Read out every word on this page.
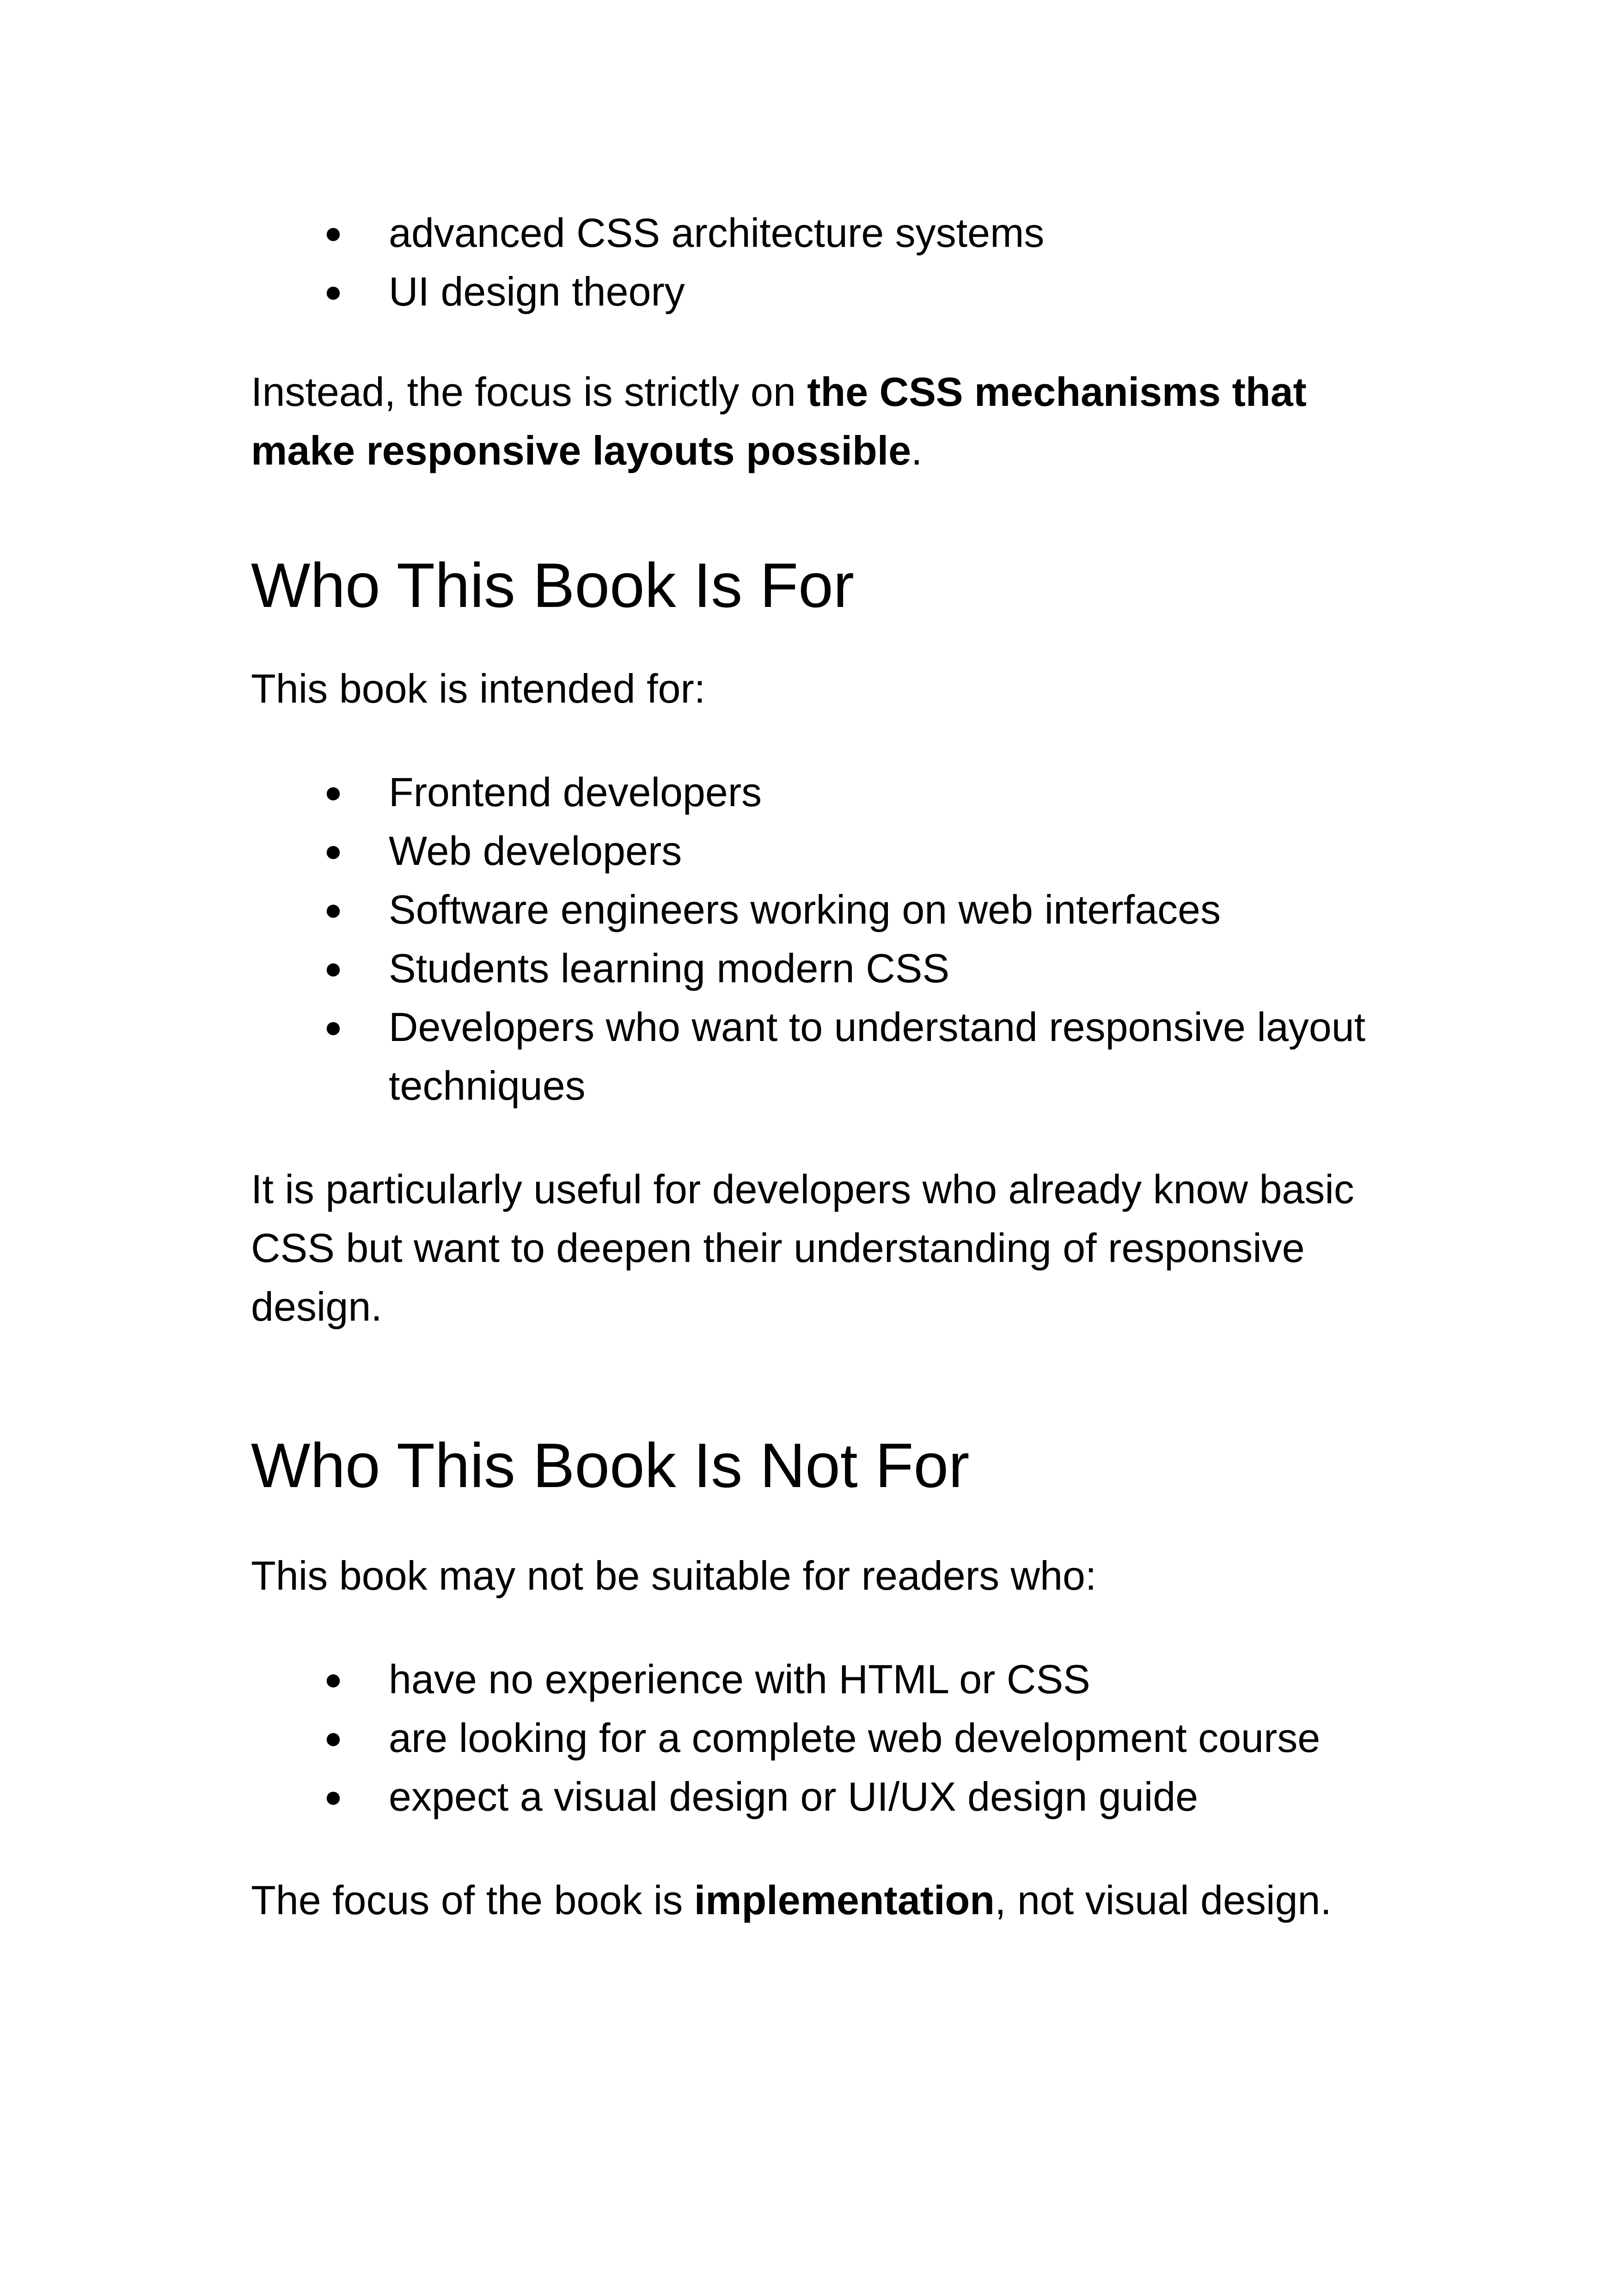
● advanced CSS architecture systems
● UI design theory

Instead, the focus is strictly on the CSS mechanisms that make responsive layouts possible.

Who This Book Is For

This book is intended for:

● Frontend developers
● Web developers
● Software engineers working on web interfaces
● Students learning modern CSS
● Developers who want to understand responsive layout techniques

It is particularly useful for developers who already know basic CSS but want to deepen their understanding of responsive design.

Who This Book Is Not For

This book may not be suitable for readers who:

● have no experience with HTML or CSS
● are looking for a complete web development course
● expect a visual design or UI/UX design guide

The focus of the book is implementation, not visual design.
